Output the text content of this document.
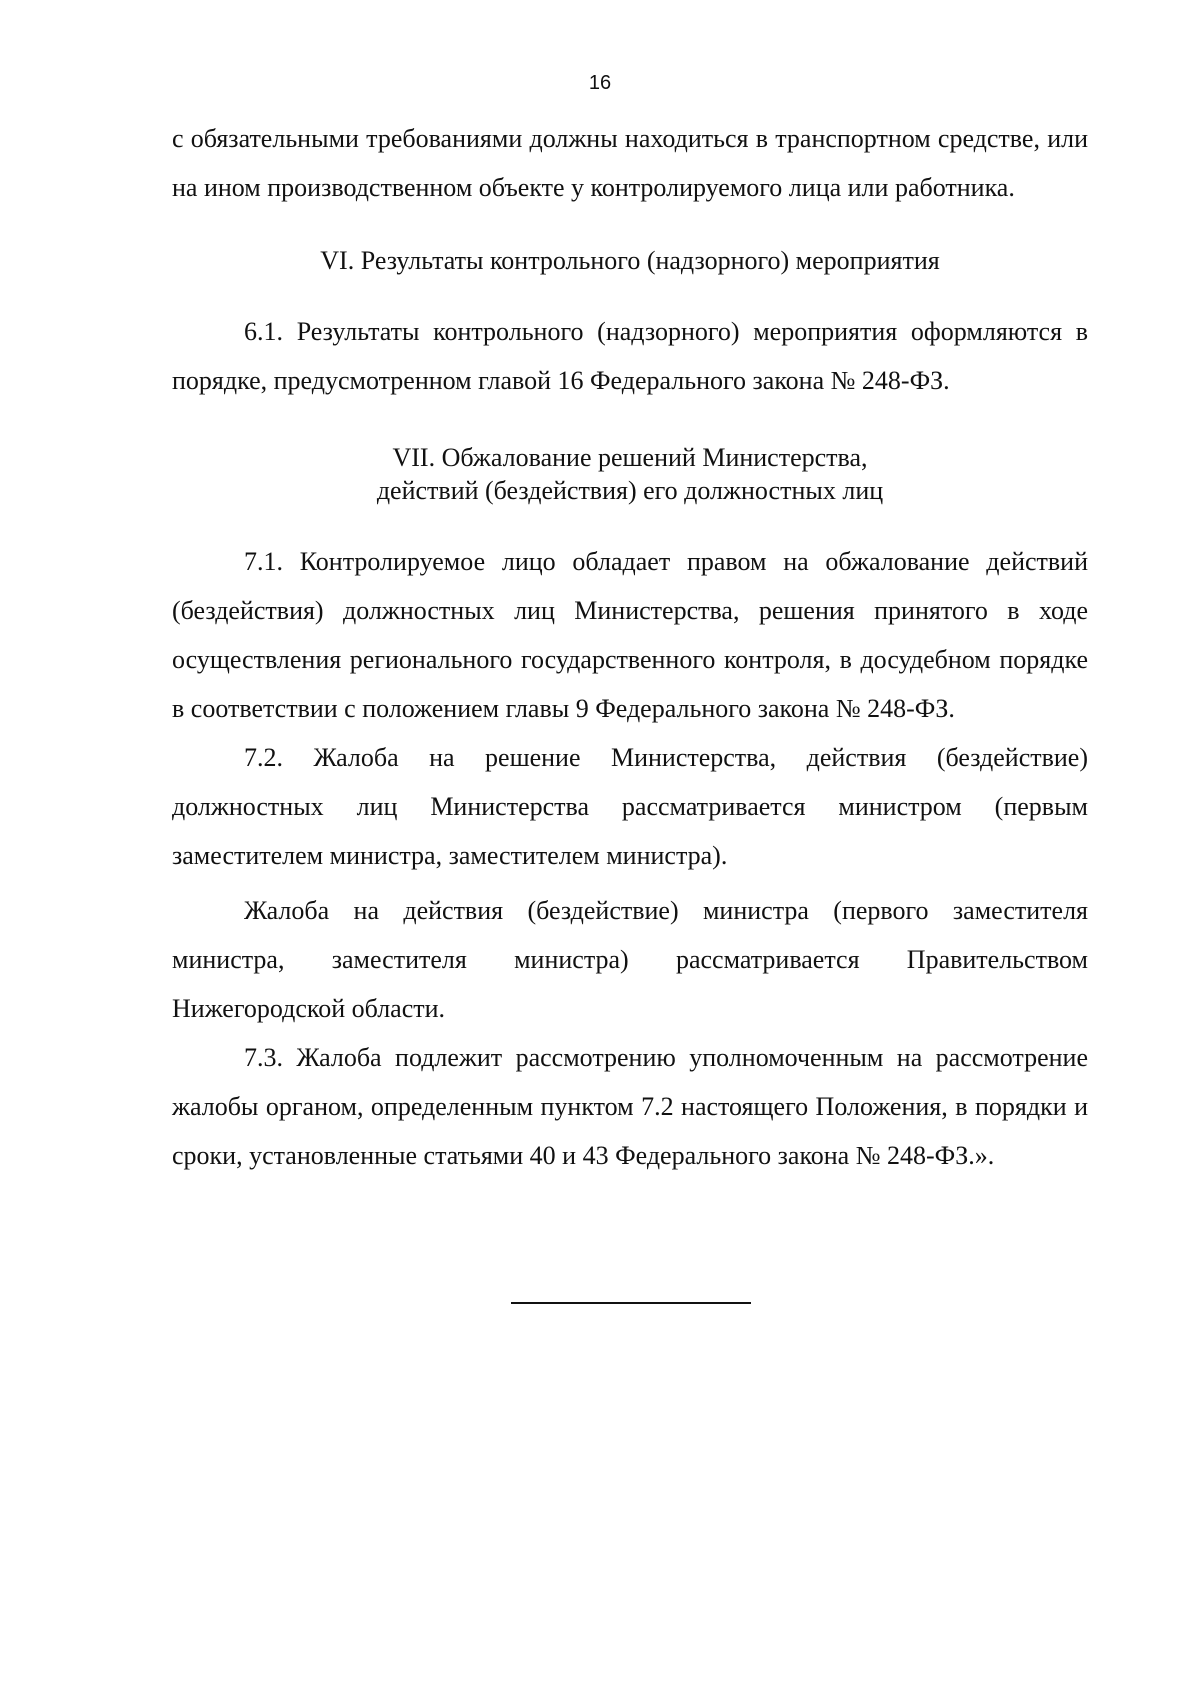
16

с обязательными требованиями должны находиться в транспортном средстве, или на ином производственном объекте у контролируемого лица или работника.

VI. Результаты контрольного (надзорного) мероприятия

6.1. Результаты контрольного (надзорного) мероприятия оформляются в порядке, предусмотренном главой 16 Федерального закона № 248-ФЗ.

VII. Обжалование решений Министерства,
действий (бездействия) его должностных лиц

7.1. Контролируемое лицо обладает правом на обжалование действий (бездействия) должностных лиц Министерства, решения принятого в ходе осуществления регионального государственного контроля, в досудебном порядке в соответствии с положением главы 9 Федерального закона № 248-ФЗ.

7.2. Жалоба на решение Министерства, действия (бездействие) должностных лиц Министерства рассматривается министром (первым заместителем министра, заместителем министра).

Жалоба на действия (бездействие) министра (первого заместителя министра, заместителя министра) рассматривается Правительством Нижегородской области.

7.3. Жалоба подлежит рассмотрению уполномоченным на рассмотрение жалобы органом, определенным пунктом 7.2 настоящего Положения, в порядки и сроки, установленные статьями 40 и 43 Федерального закона № 248-ФЗ.».
